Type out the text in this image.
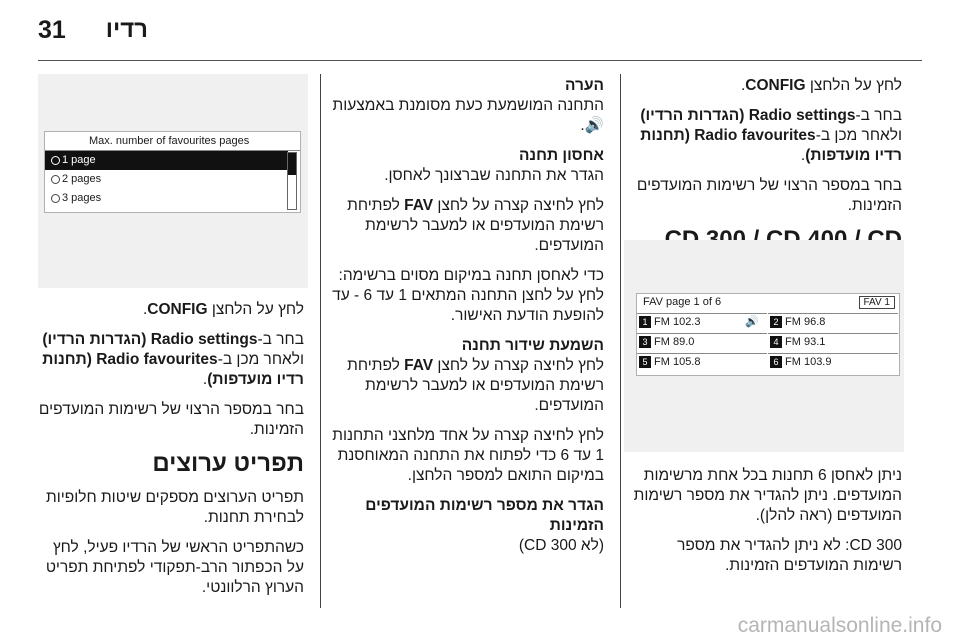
31 רדיו
Max. number of favourites pages
1 page
2 pages
3 pages

לחץ על הלחצן CONFIG.

בחר ב-Radio settings (הגדרות הרדיו)
ולאחר מכן ב-Radio favourites (תחנות רדיו מועדפות).

בחר במספר הרצוי של רשימות המועדפים הזמינות.

תפריט ערוצים

תפריט הערוצים מספקים שיטות חלופיות לבחירת תחנות.

כשהתפריט הראשי של הרדיו פעיל, לחץ על הכפתור הרב-תפקודי לפתיחת תפריט הערוץ הרלוונטי.

הערה

התחנה המושמעת כעת מסומנת באמצעות 🔊.

אחסון תחנה

הגדר את התחנה שברצונך לאחסן.

לחץ לחיצה קצרה על לחצן FAV לפתיחת רשימת המועדפים או למעבר לרשימת המועדפים.

כדי לאחסן תחנה במיקום מסוים ברשימה: לחץ על לחצן התחנה המתאים 1 עד 6 - עד להופעת הודעת האישור.

השמעת שידור תחנה

לחץ לחיצה קצרה על לחצן FAV לפתיחת רשימת המועדפים או למעבר לרשימת המועדפים.

לחץ לחיצה קצרה על אחד מלחצני התחנות 1 עד 6 כדי לפתוח את התחנה המאוחסנת במיקום התואם למספר הלחצן.

הגדר את מספר רשימות המועדפים הזמינות

(לא CD 300)

לחץ על הלחצן CONFIG.

בחר ב-Radio settings (הגדרות הרדיו)
ולאחר מכן ב-Radio favourites (תחנות רדיו מועדפות).

בחר במספר הרצוי של רשימות המועדפים הזמינות.

FAV page 1 of 6	FAV 1
1 FM 102.3	🔊	2 FM 96.8
3 FM 89.0	4 FM 93.1
5 FM 105.8	6 FM 103.9

ניתן לאחסן 6 תחנות בכל אחת מרשימות המועדפים. ניתן להגדיר את מספר רשימות המועדפים (ראה להלן).

CD 300: לא ניתן להגדיר את מספר רשימות המועדפים הזמינות.

carmanualsonline.info
